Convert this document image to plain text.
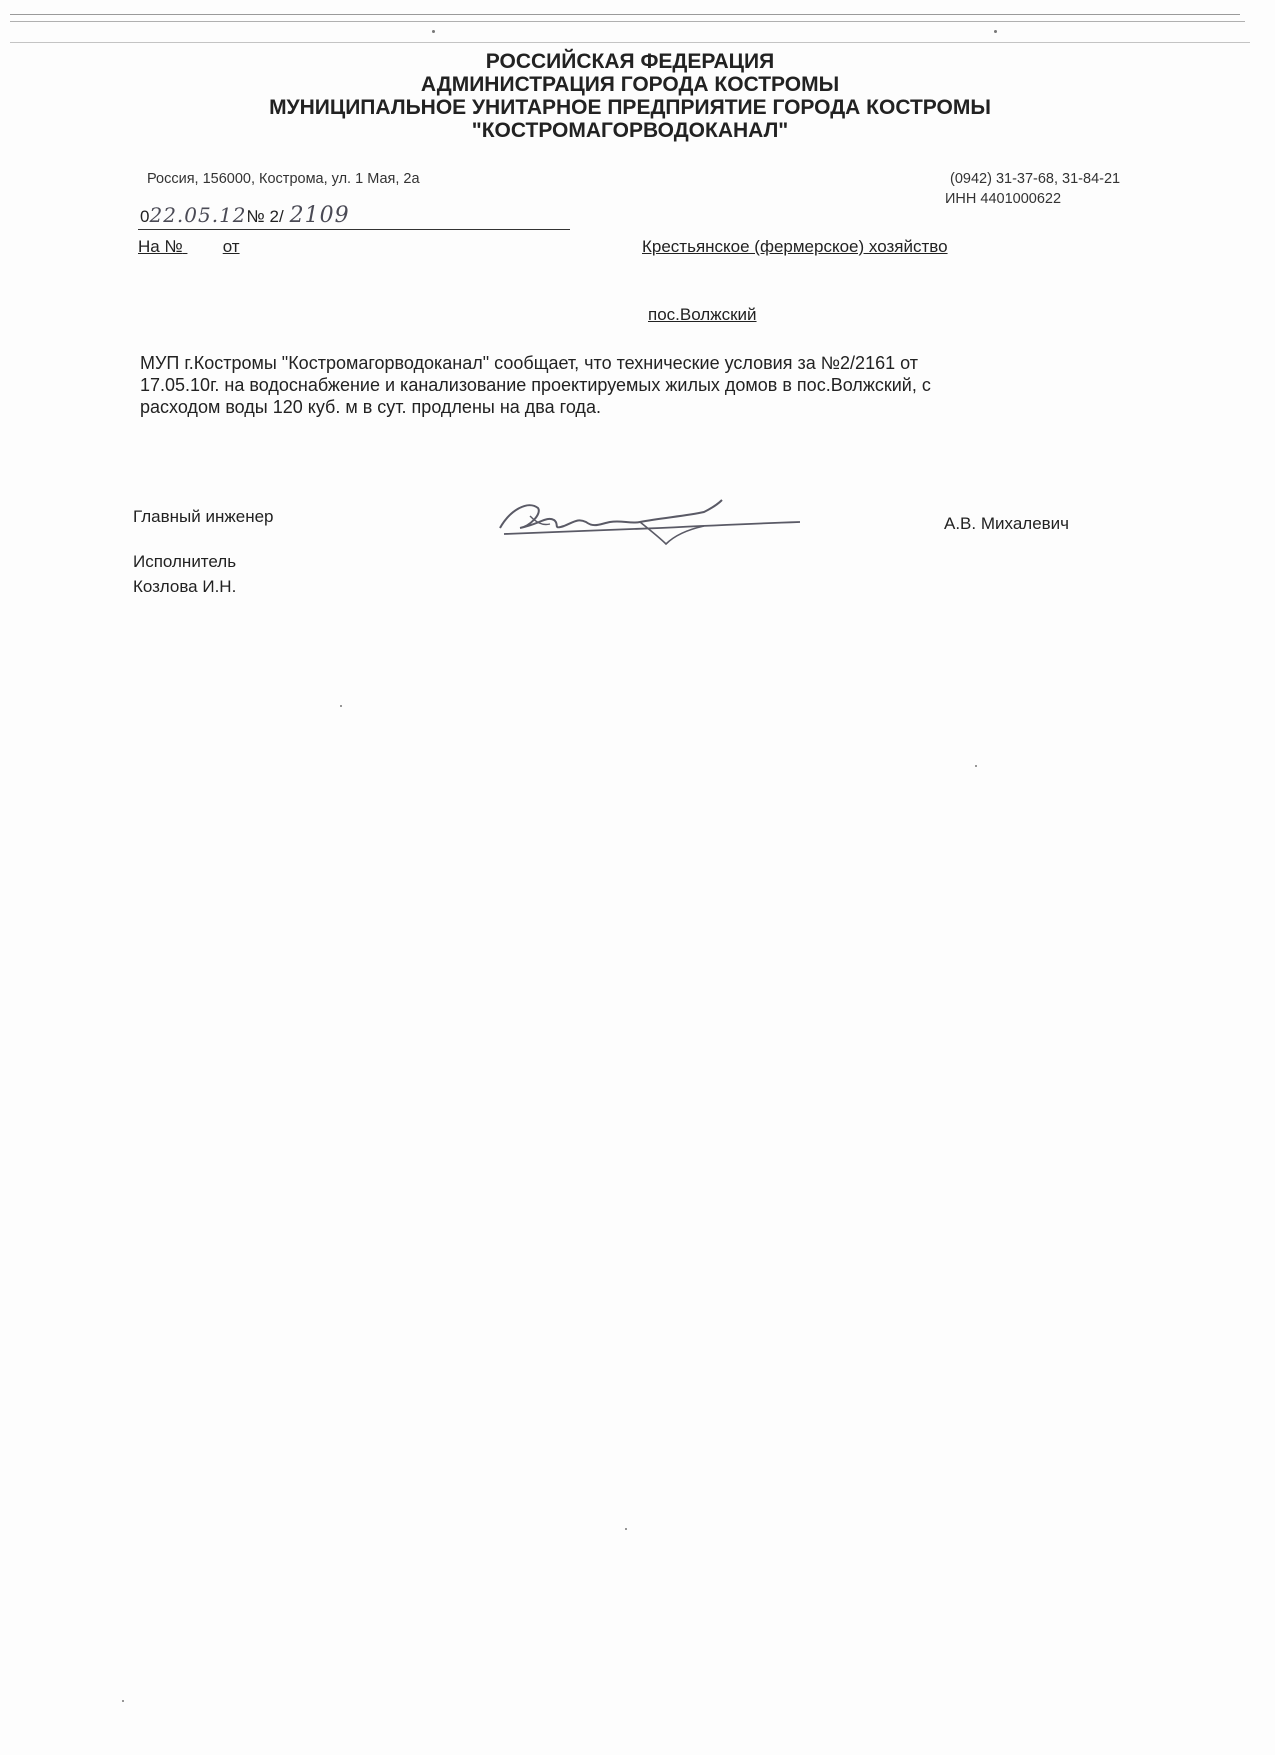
РОССИЙСКАЯ ФЕДЕРАЦИЯ
АДМИНИСТРАЦИЯ ГОРОДА КОСТРОМЫ
МУНИЦИПАЛЬНОЕ УНИТАРНОЕ ПРЕДПРИЯТИЕ ГОРОДА КОСТРОМЫ
"КОСТРОМАГОРВОДОКАНАЛ"
Россия, 156000, Кострома, ул. 1 Мая, 2а	(0942) 31-37-68, 31-84-21
ИНН 4401000622
022.05.12№ 2/ 2109
На № от	Крестьянское (фермерское) хозяйство
пос.Волжский
МУП г.Костромы "Костромагорводоканал" сообщает, что технические условия за №2/2161 от
17.05.10г. на водоснабжение и канализование проектируемых жилых домов в пос.Волжский, с
расходом воды 120 куб. м в сут. продлены на два года.
Главный инженер	А.В. Михалевич
Исполнитель
Козлова И.Н.
